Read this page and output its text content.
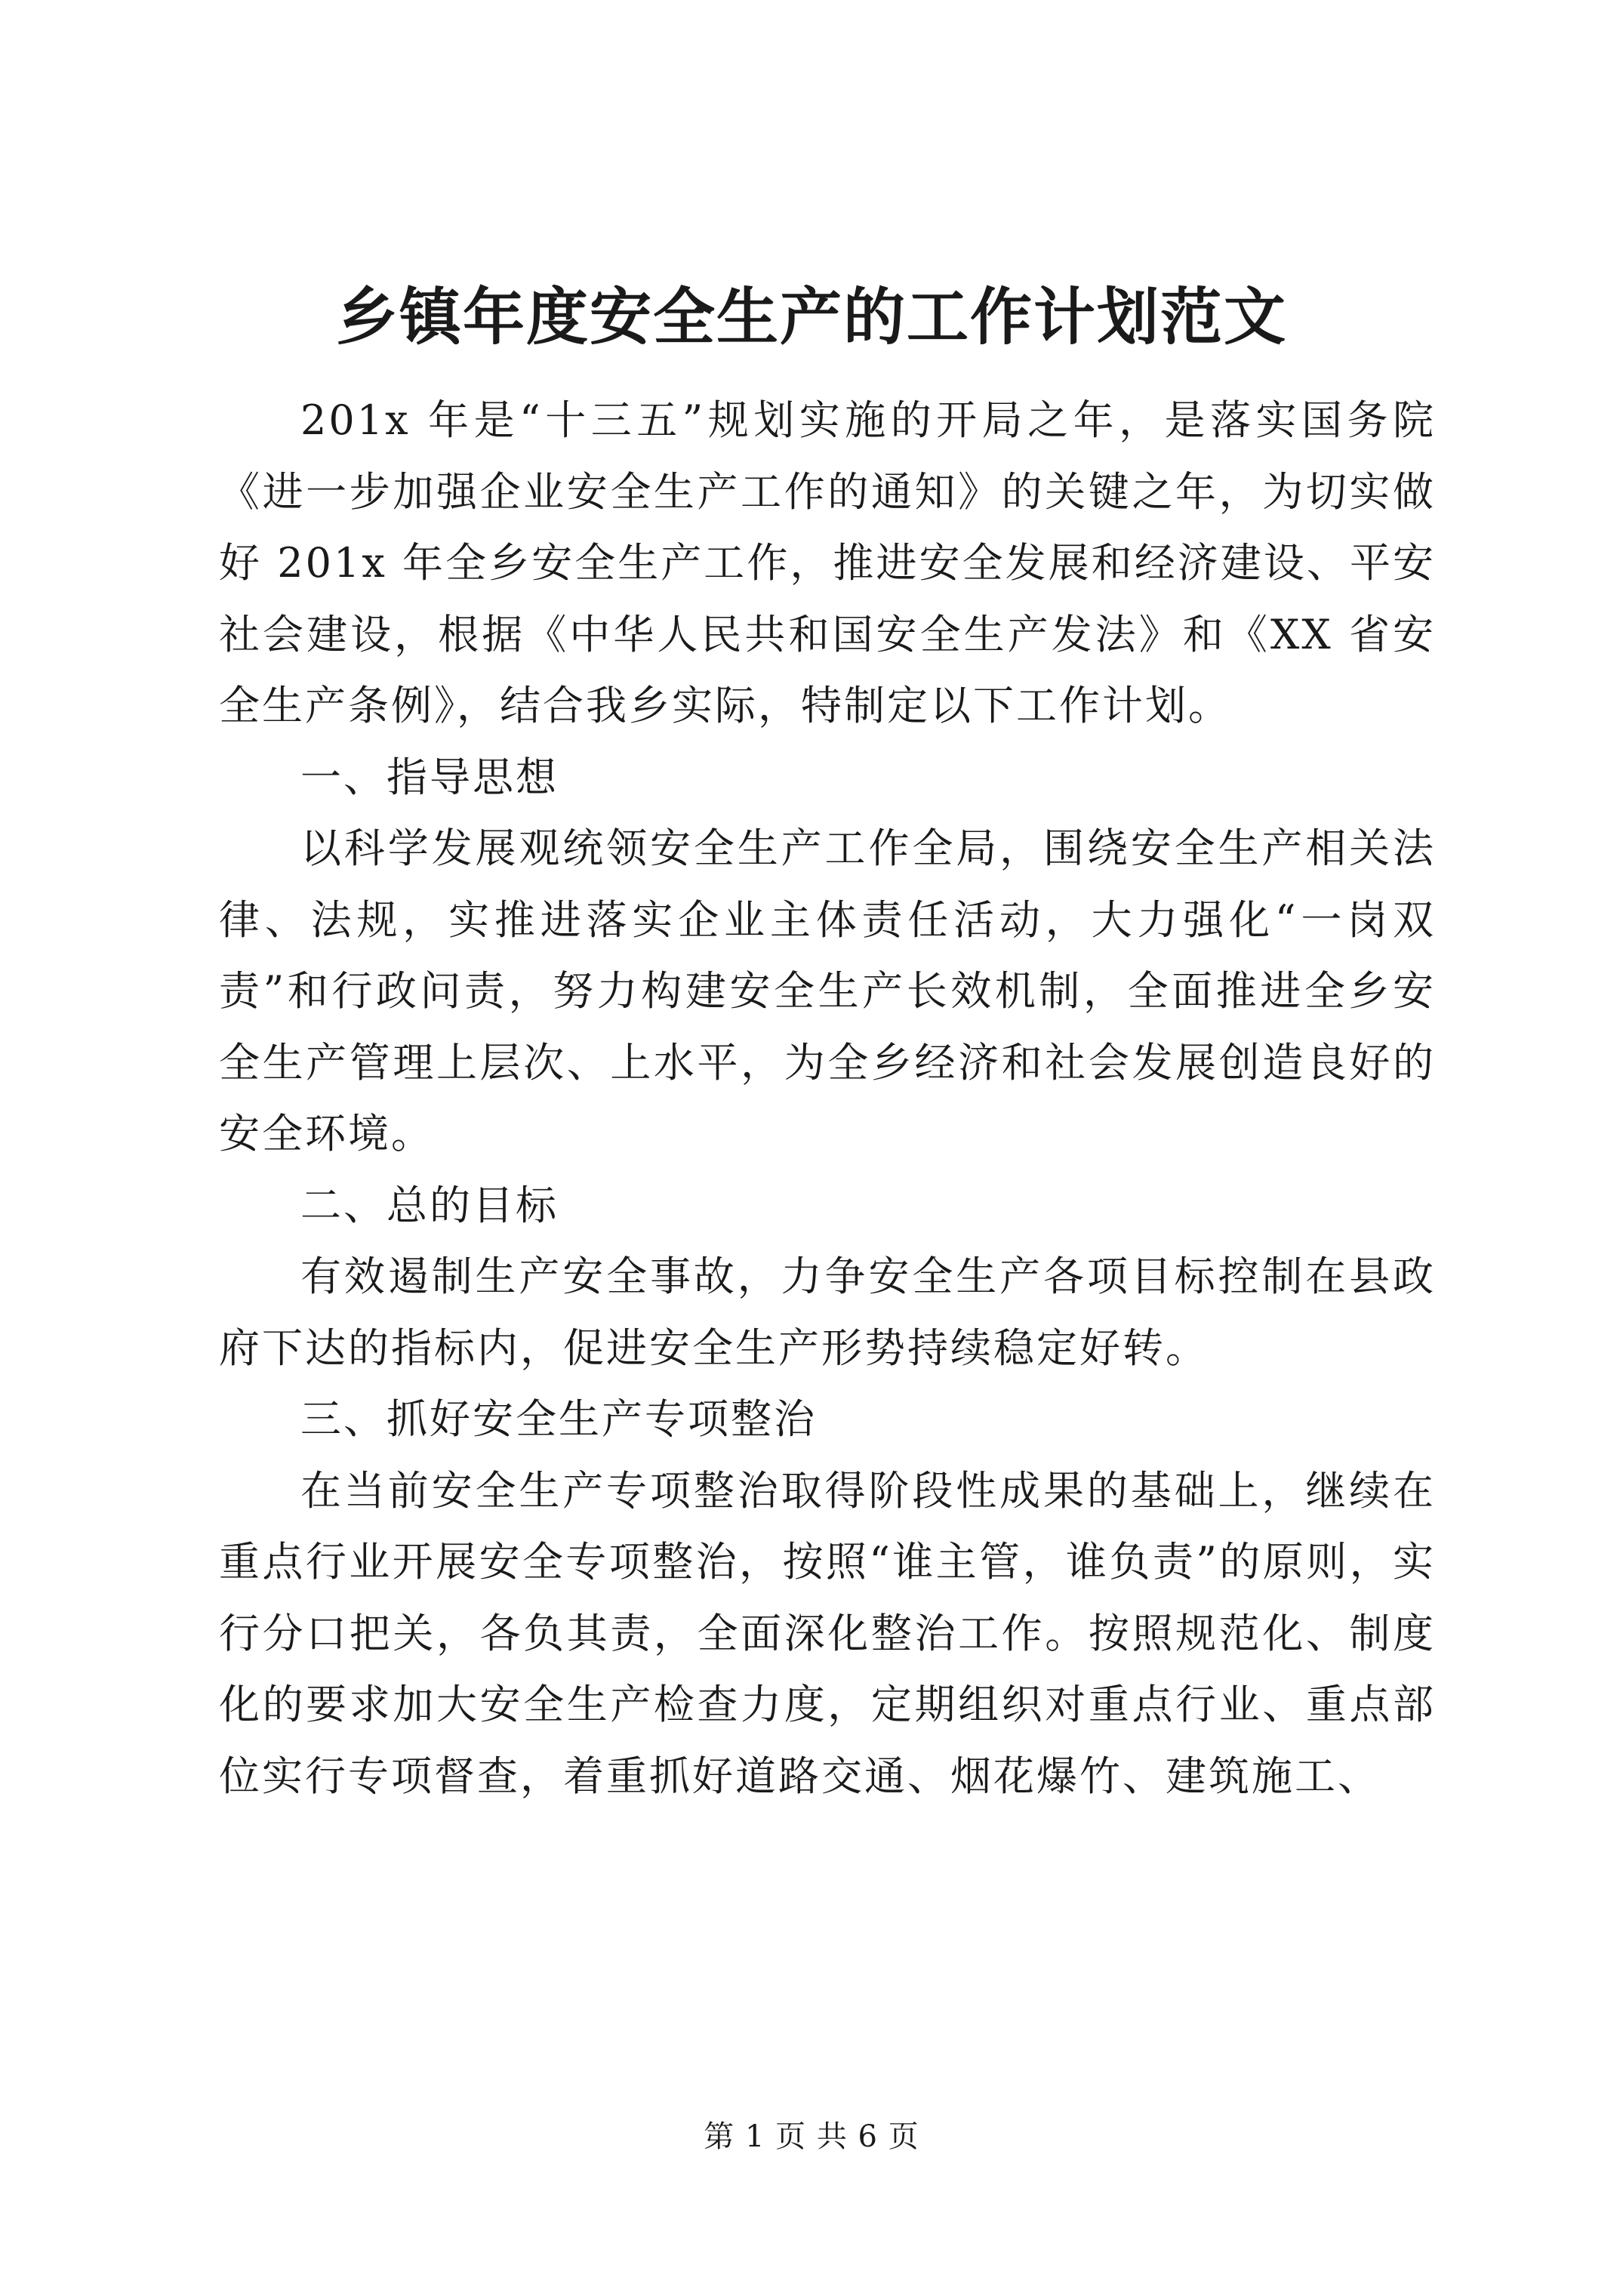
乡镇年度安全生产的工作计划范文

201x 年是“十三五”规划实施的开局之年，是落实国务院《进一步加强企业安全生产工作的通知》的关键之年，为切实做好 201x 年全乡安全生产工作，推进安全发展和经济建设、平安社会建设，根据《中华人民共和国安全生产发法》和《XX 省安全生产条例》，结合我乡实际，特制定以下工作计划。

一、指导思想

以科学发展观统领安全生产工作全局，围绕安全生产相关法律、法规，实推进落实企业主体责任活动，大力强化“一岗双责”和行政问责，努力构建安全生产长效机制，全面推进全乡安全生产管理上层次、上水平，为全乡经济和社会发展创造良好的安全环境。

二、总的目标

有效遏制生产安全事故，力争安全生产各项目标控制在县政府下达的指标内，促进安全生产形势持续稳定好转。

三、抓好安全生产专项整治

在当前安全生产专项整治取得阶段性成果的基础上，继续在重点行业开展安全专项整治，按照“谁主管，谁负责”的原则，实行分口把关，各负其责，全面深化整治工作。按照规范化、制度化的要求加大安全生产检查力度，定期组织对重点行业、重点部位实行专项督查，着重抓好道路交通、烟花爆竹、建筑施工、

第 1 页 共 6 页
